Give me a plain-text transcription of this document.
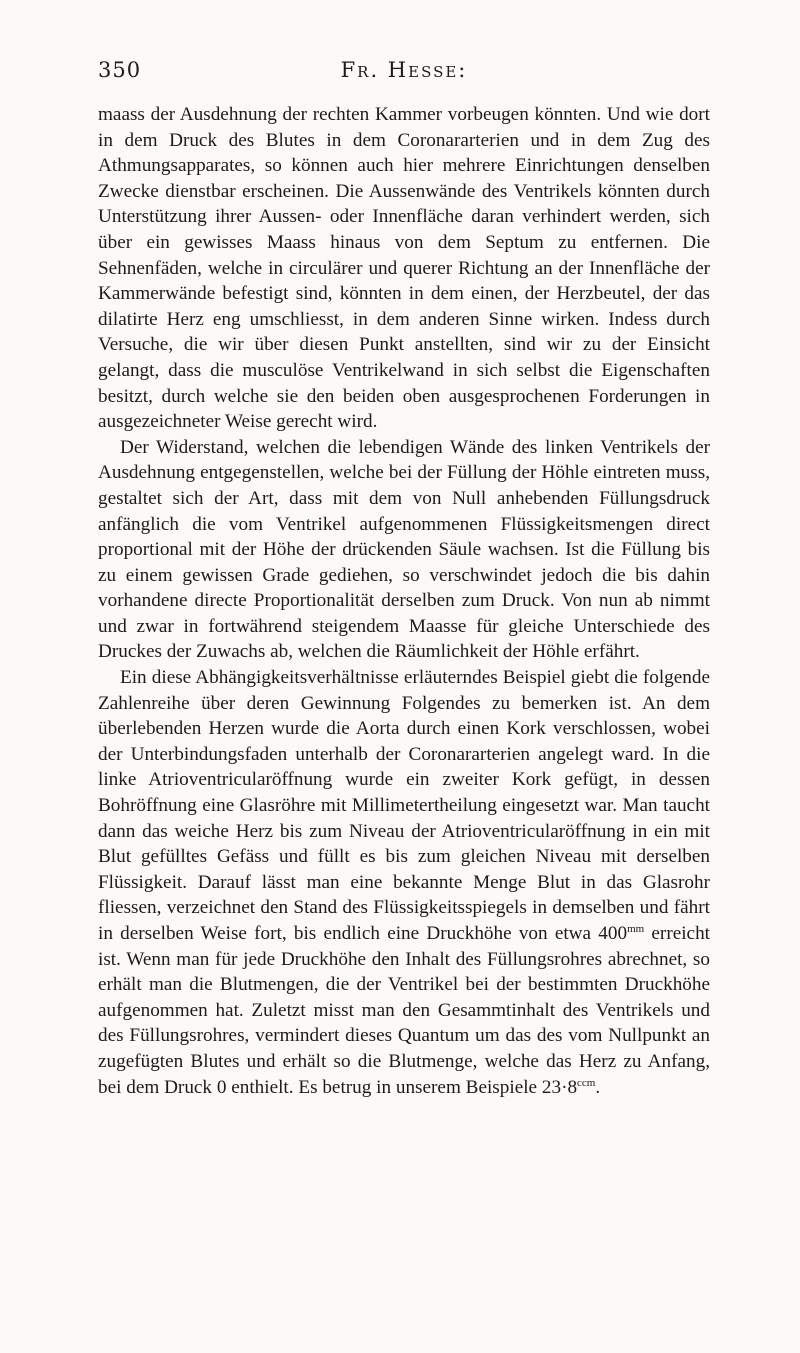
350	Fr. Hesse:

maass der Ausdehnung der rechten Kammer vorbeugen könnten. Und wie dort in dem Druck des Blutes in dem Coronararterien und in dem Zug des Athmungsapparates, so können auch hier mehrere Einrichtungen denselben Zwecke dienstbar erscheinen. Die Aussenwände des Ventrikels könnten durch Unterstützung ihrer Aussen- oder Innenfläche daran verhindert werden, sich über ein gewisses Maass hinaus von dem Septum zu entfernen. Die Sehnenfäden, welche in circulärer und querer Richtung an der Innenfläche der Kammerwände befestigt sind, könnten in dem einen, der Herzbeutel, der das dilatirte Herz eng umschliesst, in dem anderen Sinne wirken. Indess durch Versuche, die wir über diesen Punkt anstellten, sind wir zu der Einsicht gelangt, dass die musculöse Ventrikelwand in sich selbst die Eigenschaften besitzt, durch welche sie den beiden oben ausgesprochenen Forderungen in ausgezeichneter Weise gerecht wird.

Der Widerstand, welchen die lebendigen Wände des linken Ventrikels der Ausdehnung entgegenstellen, welche bei der Füllung der Höhle eintreten muss, gestaltet sich der Art, dass mit dem von Null anhebenden Füllungsdruck anfänglich die vom Ventrikel aufgenommenen Flüssigkeitsmengen direct proportional mit der Höhe der drückenden Säule wachsen. Ist die Füllung bis zu einem gewissen Grade gediehen, so verschwindet jedoch die bis dahin vorhandene directe Proportionalität derselben zum Druck. Von nun ab nimmt und zwar in fortwährend steigendem Maasse für gleiche Unterschiede des Druckes der Zuwachs ab, welchen die Räumlichkeit der Höhle erfährt.

Ein diese Abhängigkeitsverhältnisse erläuterndes Beispiel giebt die folgende Zahlenreihe über deren Gewinnung Folgendes zu bemerken ist. An dem überlebenden Herzen wurde die Aorta durch einen Kork verschlossen, wobei der Unterbindungsfaden unterhalb der Coronararterien angelegt ward. In die linke Atrioventricularöffnung wurde ein zweiter Kork gefügt, in dessen Bohröffnung eine Glasröhre mit Millimetertheilung eingesetzt war. Man taucht dann das weiche Herz bis zum Niveau der Atrioventricularöffnung in ein mit Blut gefülltes Gefäss und füllt es bis zum gleichen Niveau mit derselben Flüssigkeit. Darauf lässt man eine bekannte Menge Blut in das Glasrohr fliessen, verzeichnet den Stand des Flüssigkeitsspiegels in demselben und fährt in derselben Weise fort, bis endlich eine Druckhöhe von etwa $400^{mm}$ erreicht ist. Wenn man für jede Druckhöhe den Inhalt des Füllungsrohres abrechnet, so erhält man die Blutmengen, die der Ventrikel bei der bestimmten Druckhöhe aufgenommen hat. Zuletzt misst man den Gesammtinhalt des Ventrikels und des Füllungsrohres, vermindert dieses Quantum um das des vom Nullpunkt an zugefügten Blutes und erhält so die Blutmenge, welche das Herz zu Anfang, bei dem Druck 0 enthielt. Es betrug in unserem Beispiele $23\cdot 8^{ccm}$.
